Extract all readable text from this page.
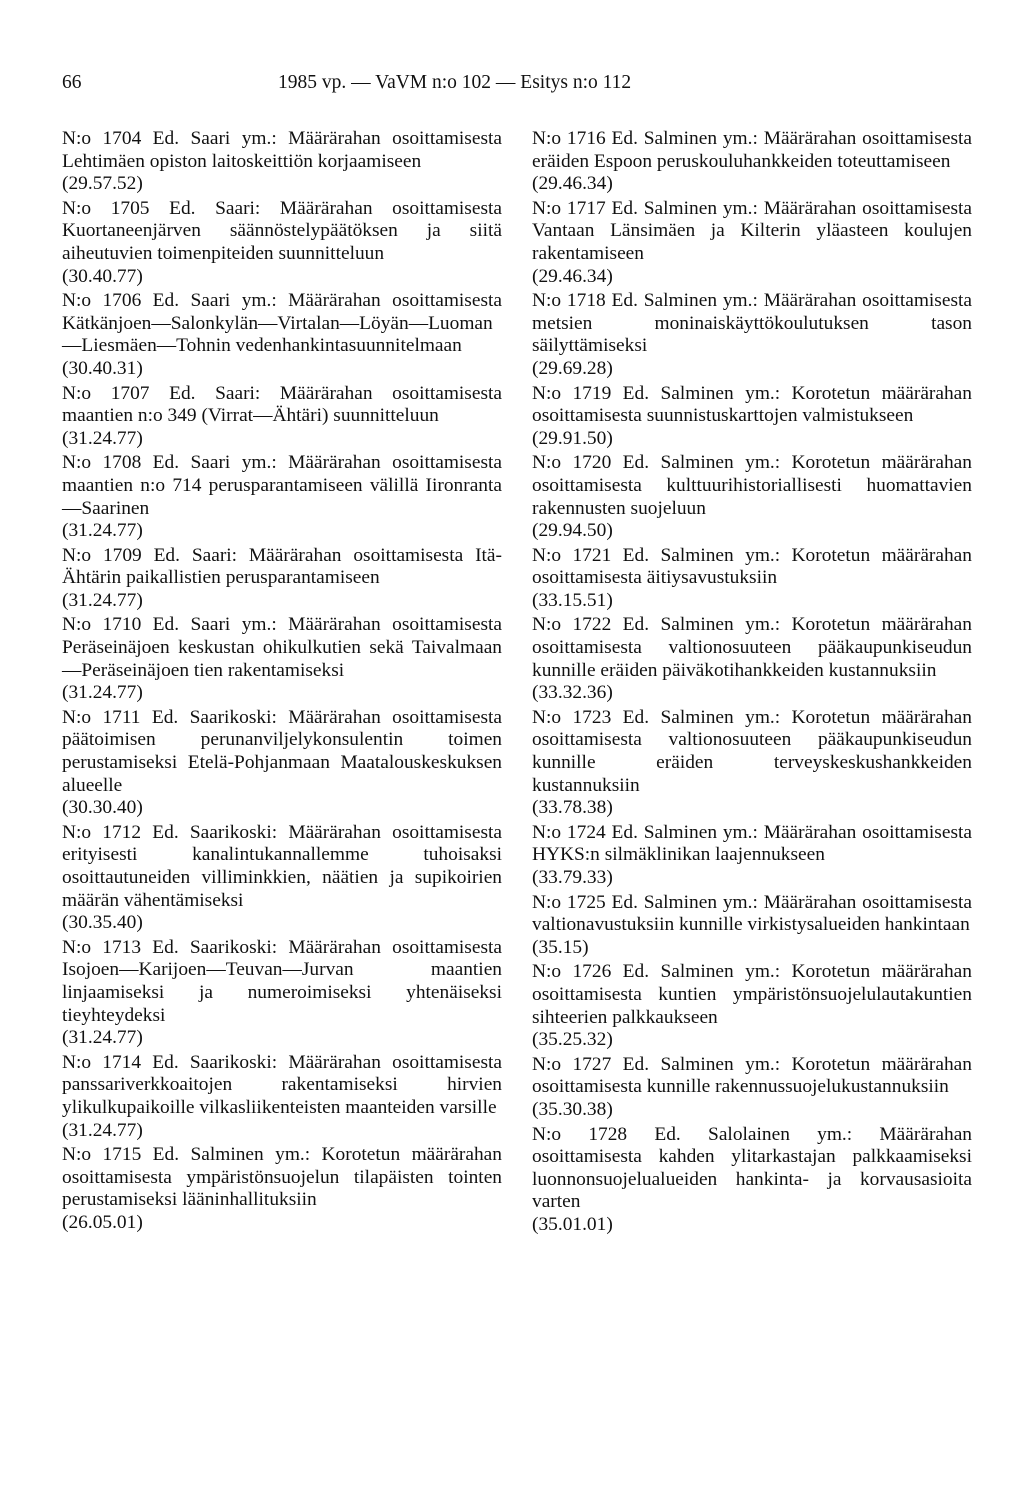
66	1985 vp. — VaVM n:o 102 — Esitys n:o 112
N:o 1704 Ed. Saari ym.: Määrärahan osoittamisesta Lehtimäen opiston laitoskeittiön korjaamiseen
(29.57.52)
N:o 1705 Ed. Saari: Määrärahan osoittamisesta Kuortaneenjärven säännöstelypäätöksen ja siitä aiheutuvien toimenpiteiden suunnitteluun
(30.40.77)
N:o 1706 Ed. Saari ym.: Määrärahan osoittamisesta Kätkänjoen—Salonkylän—Virtalan—Löyän—Luoman—Liesmäen—Tohnin vedenhankintasuunnitelmaan
(30.40.31)
N:o 1707 Ed. Saari: Määrärahan osoittamisesta maantien n:o 349 (Virrat—Ähtäri) suunnitteluun
(31.24.77)
N:o 1708 Ed. Saari ym.: Määrärahan osoittamisesta maantien n:o 714 perusparantamiseen välillä Iironranta—Saarinen
(31.24.77)
N:o 1709 Ed. Saari: Määrärahan osoittamisesta Itä-Ähtärin paikallistien perusparantamiseen
(31.24.77)
N:o 1710 Ed. Saari ym.: Määrärahan osoittamisesta Peräseinäjoen keskustan ohikulkutien sekä Taivalmaan—Peräseinäjoen tien rakentamiseksi
(31.24.77)
N:o 1711 Ed. Saarikoski: Määrärahan osoittamisesta päätoimisen perunanviljelykonsulentin toimen perustamiseksi Etelä-Pohjanmaan Maatalouskeskuksen alueelle
(30.30.40)
N:o 1712 Ed. Saarikoski: Määrärahan osoittamisesta erityisesti kanalintukannallemme tuhoisaksi osoittautuneiden villiminkkien, näätien ja supikoirien määrän vähentämiseksi
(30.35.40)
N:o 1713 Ed. Saarikoski: Määrärahan osoittamisesta Isojoen—Karijoen—Teuvan—Jurvan maantien linjaamiseksi ja numeroimiseksi yhtenäiseksi tieyhteydeksi
(31.24.77)
N:o 1714 Ed. Saarikoski: Määrärahan osoittamisesta panssariverkkoaitojen rakentamiseksi hirvien ylikulkupaikoille vilkasliikenteisten maanteiden varsille
(31.24.77)
N:o 1715 Ed. Salminen ym.: Korotetun määrärahan osoittamisesta ympäristönsuojelun tilapäisten tointen perustamiseksi lääninhallituksiin
(26.05.01)
N:o 1716 Ed. Salminen ym.: Määrärahan osoittamisesta eräiden Espoon peruskouluhankkeiden toteuttamiseen
(29.46.34)
N:o 1717 Ed. Salminen ym.: Määrärahan osoittamisesta Vantaan Länsimäen ja Kilterin yläasteen koulujen rakentamiseen
(29.46.34)
N:o 1718 Ed. Salminen ym.: Määrärahan osoittamisesta metsien moninaiskäyttökoulutuksen tason säilyttämiseksi
(29.69.28)
N:o 1719 Ed. Salminen ym.: Korotetun määrärahan osoittamisesta suunnistuskarttojen valmistukseen
(29.91.50)
N:o 1720 Ed. Salminen ym.: Korotetun määrärahan osoittamisesta kulttuurihistoriallisesti huomattavien rakennusten suojeluun
(29.94.50)
N:o 1721 Ed. Salminen ym.: Korotetun määrärahan osoittamisesta äitiysavustuksiin
(33.15.51)
N:o 1722 Ed. Salminen ym.: Korotetun määrärahan osoittamisesta valtionosuuteen pääkaupunkiseudun kunnille eräiden päiväkotihankkeiden kustannuksiin
(33.32.36)
N:o 1723 Ed. Salminen ym.: Korotetun määrärahan osoittamisesta valtionosuuteen pääkaupunkiseudun kunnille eräiden terveyskeskushankkeiden kustannuksiin
(33.78.38)
N:o 1724 Ed. Salminen ym.: Määrärahan osoittamisesta HYKS:n silmäklinikan laajennukseen
(33.79.33)
N:o 1725 Ed. Salminen ym.: Määrärahan osoittamisesta valtionavustuksiin kunnille virkistysalueiden hankintaan
(35.15)
N:o 1726 Ed. Salminen ym.: Korotetun määrärahan osoittamisesta kuntien ympäristönsuojelulautakuntien sihteerien palkkaukseen
(35.25.32)
N:o 1727 Ed. Salminen ym.: Korotetun määrärahan osoittamisesta kunnille rakennussuojelukustannuksiin
(35.30.38)
N:o 1728 Ed. Salolainen ym.: Määrärahan osoittamisesta kahden ylitarkastajan palkkaamiseksi luonnonsuojelualueiden hankinta- ja korvausasioita varten
(35.01.01)
